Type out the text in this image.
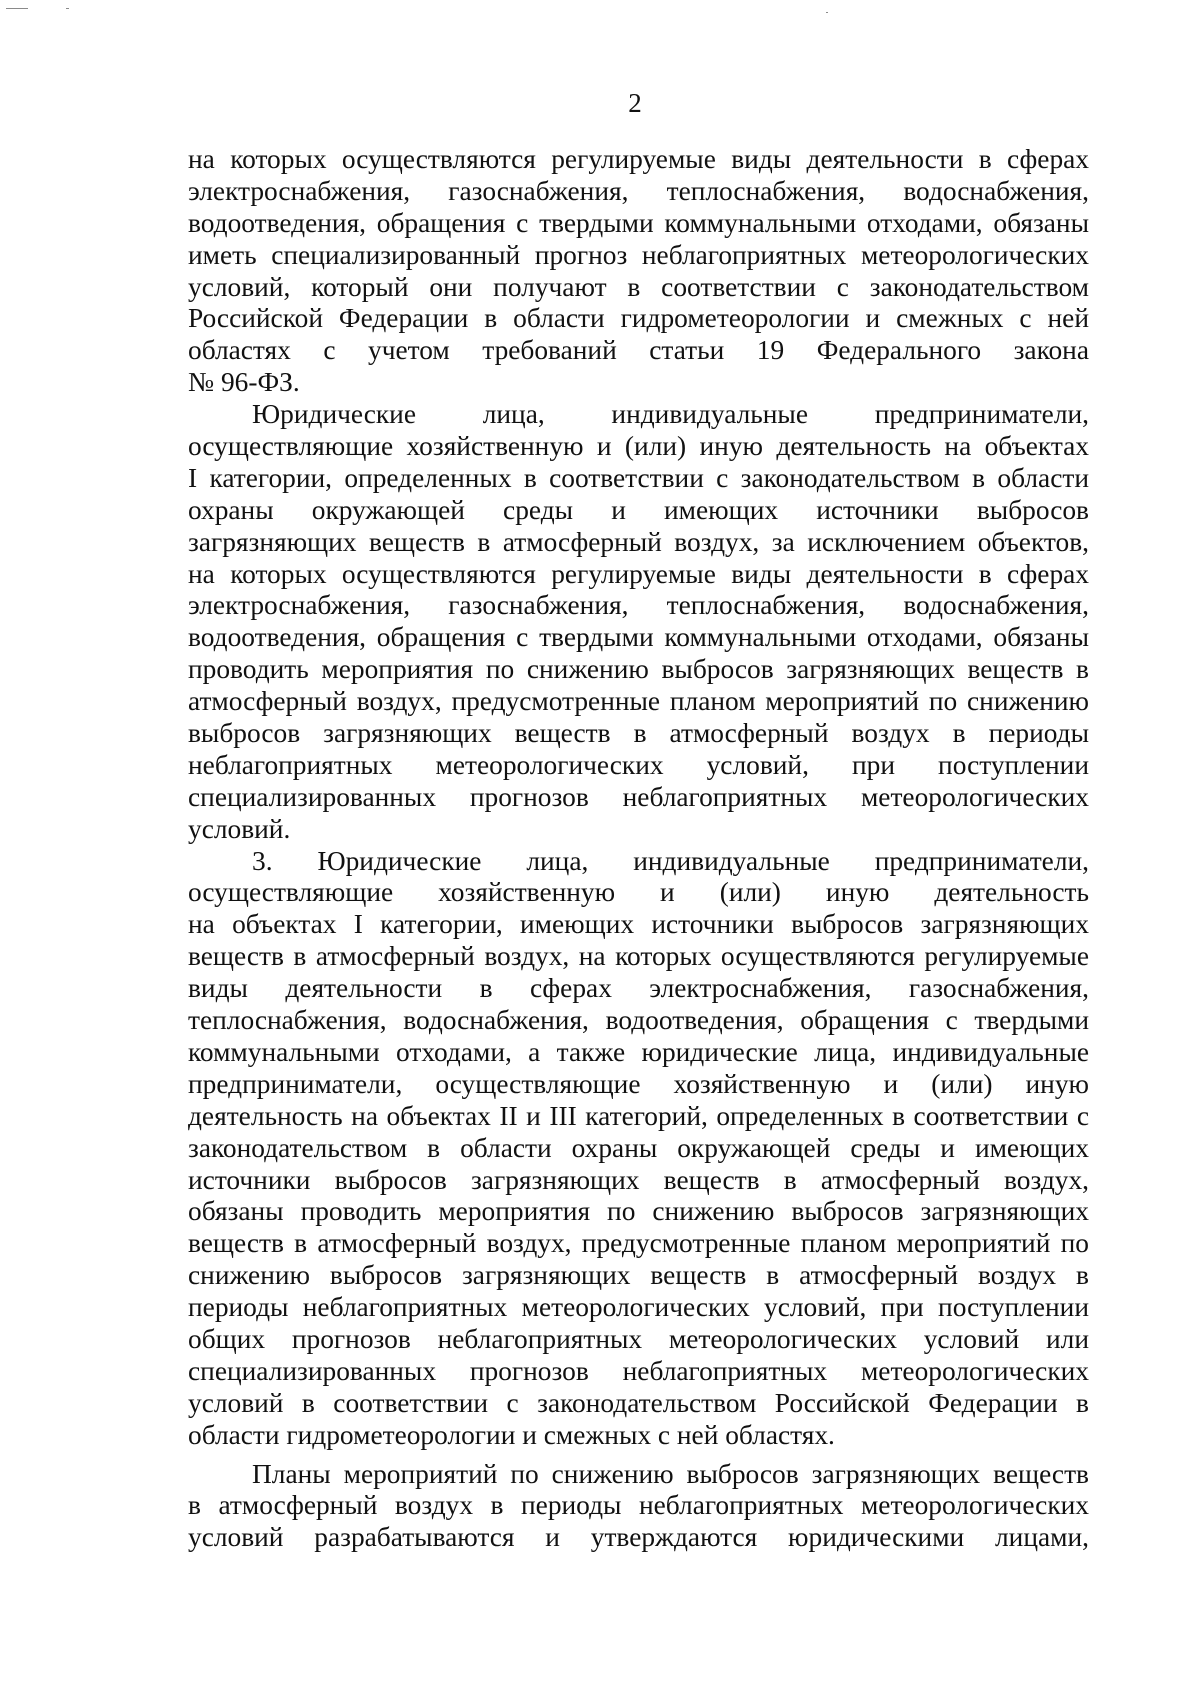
2
на которых осуществляются регулируемые виды деятельности в сферах
электроснабжения, газоснабжения, теплоснабжения, водоснабжения,
водоотведения, обращения с твердыми коммунальными отходами, обязаны
иметь специализированный прогноз неблагоприятных метеорологических
условий, который они получают в соответствии с законодательством
Российской Федерации в области гидрометеорологии и смежных с ней
областях с учетом требований статьи 19 Федерального закона
№ 96-ФЗ.
Юридические лица, индивидуальные предприниматели,
осуществляющие хозяйственную и (или) иную деятельность на объектах
I категории, определенных в соответствии с законодательством в области
охраны окружающей среды и имеющих источники выбросов
загрязняющих веществ в атмосферный воздух, за исключением объектов,
на которых осуществляются регулируемые виды деятельности в сферах
электроснабжения, газоснабжения, теплоснабжения, водоснабжения,
водоотведения, обращения с твердыми коммунальными отходами, обязаны
проводить мероприятия по снижению выбросов загрязняющих веществ в
атмосферный воздух, предусмотренные планом мероприятий по снижению
выбросов загрязняющих веществ в атмосферный воздух в периоды
неблагоприятных метеорологических условий, при поступлении
специализированных прогнозов неблагоприятных метеорологических
условий.
3. Юридические лица, индивидуальные предприниматели,
осуществляющие хозяйственную и (или) иную деятельность
на объектах I категории, имеющих источники выбросов загрязняющих
веществ в атмосферный воздух, на которых осуществляются регулируемые
виды деятельности в сферах электроснабжения, газоснабжения,
теплоснабжения, водоснабжения, водоотведения, обращения с твердыми
коммунальными отходами, а также юридические лица, индивидуальные
предприниматели, осуществляющие хозяйственную и (или) иную
деятельность на объектах II и III категорий, определенных в соответствии с
законодательством в области охраны окружающей среды и имеющих
источники выбросов загрязняющих веществ в атмосферный воздух,
обязаны проводить мероприятия по снижению выбросов загрязняющих
веществ в атмосферный воздух, предусмотренные планом мероприятий по
снижению выбросов загрязняющих веществ в атмосферный воздух в
периоды неблагоприятных метеорологических условий, при поступлении
общих прогнозов неблагоприятных метеорологических условий или
специализированных прогнозов неблагоприятных метеорологических
условий в соответствии с законодательством Российской Федерации в
области гидрометеорологии и смежных с ней областях.
Планы мероприятий по снижению выбросов загрязняющих веществ
в атмосферный воздух в периоды неблагоприятных метеорологических
условий разрабатываются и утверждаются юридическими лицами,
